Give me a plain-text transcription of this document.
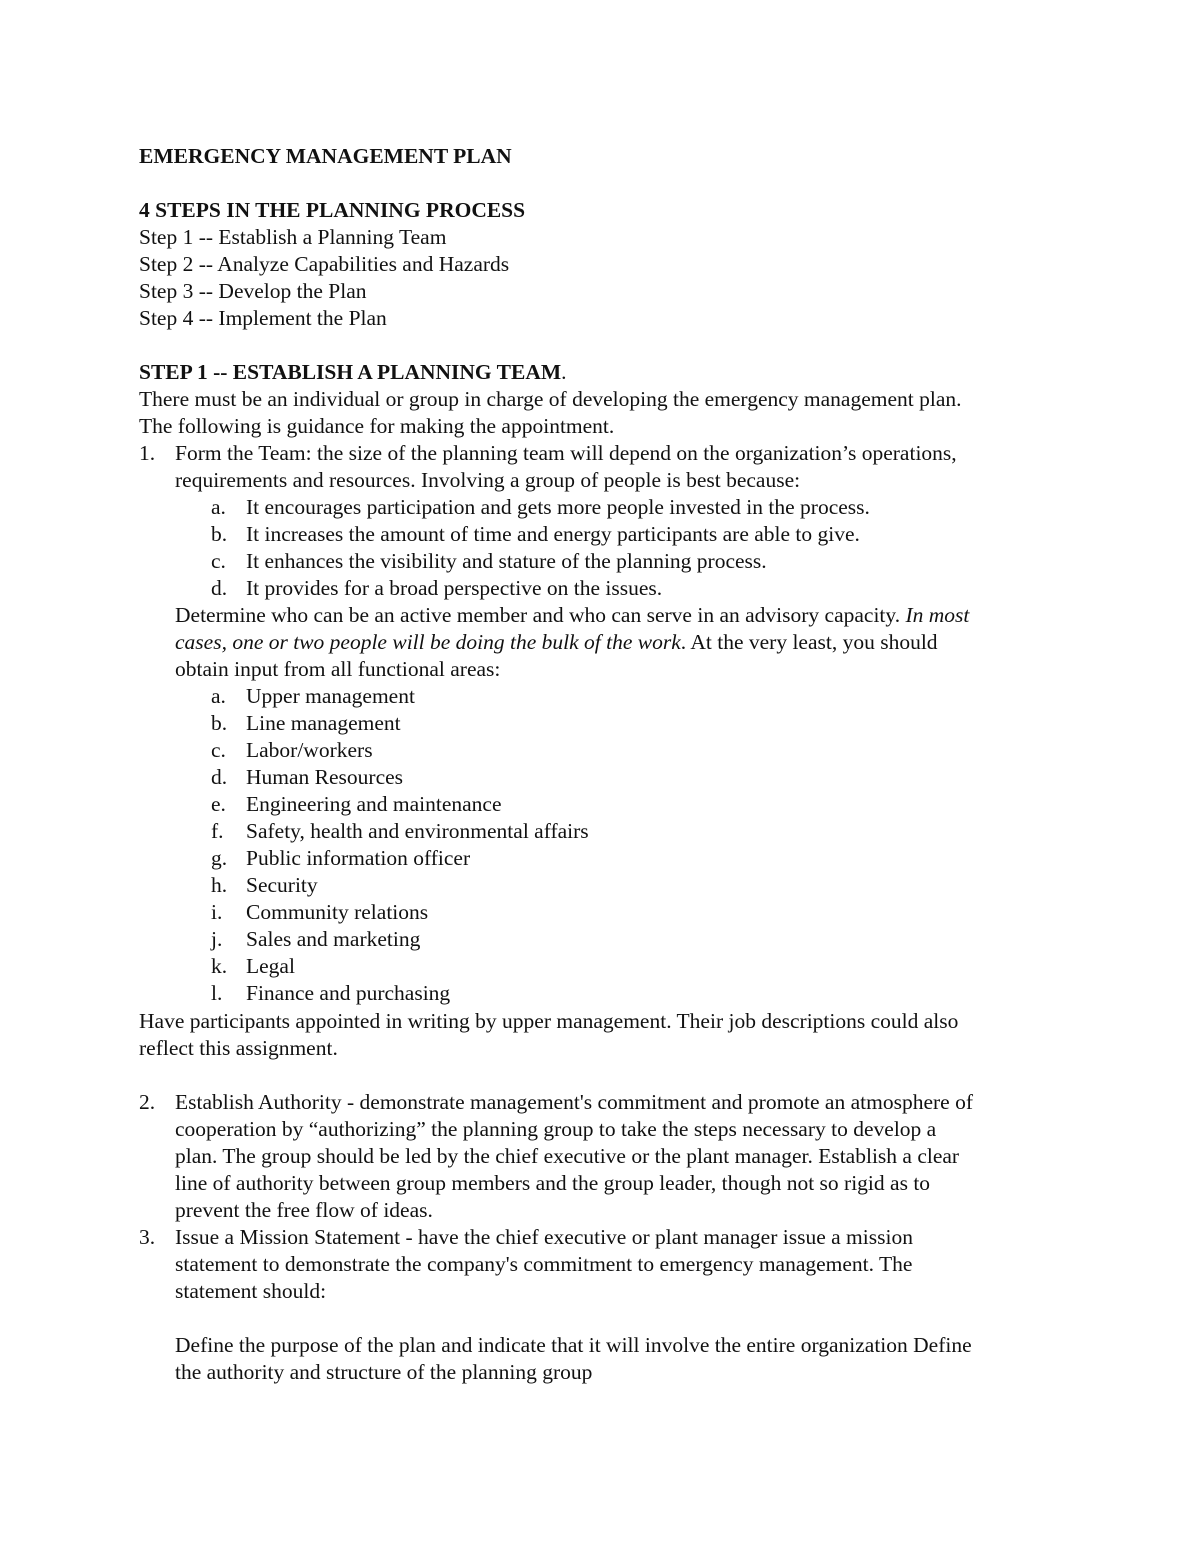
EMERGENCY MANAGEMENT PLAN
4 STEPS IN THE PLANNING PROCESS
Step 1 -- Establish a Planning Team
Step 2 -- Analyze Capabilities and Hazards
Step 3 -- Develop the Plan
Step 4 -- Implement the Plan
STEP 1 -- ESTABLISH A PLANNING TEAM.
There must be an individual or group in charge of developing the emergency management plan.
The following is guidance for making the appointment.
1. Form the Team: the size of the planning team will depend on the organization’s operations,
requirements and resources. Involving a group of people is best because:
a. It encourages participation and gets more people invested in the process.
b. It increases the amount of time and energy participants are able to give.
c. It enhances the visibility and stature of the planning process.
d. It provides for a broad perspective on the issues.
Determine who can be an active member and who can serve in an advisory capacity. In most
cases, one or two people will be doing the bulk of the work. At the very least, you should
obtain input from all functional areas:
a. Upper management
b. Line management
c. Labor/workers
d. Human Resources
e. Engineering and maintenance
f. Safety, health and environmental affairs
g. Public information officer
h. Security
i. Community relations
j. Sales and marketing
k. Legal
l. Finance and purchasing
Have participants appointed in writing by upper management. Their job descriptions could also
reflect this assignment.
2. Establish Authority - demonstrate management's commitment and promote an atmosphere of
cooperation by “authorizing” the planning group to take the steps necessary to develop a
plan. The group should be led by the chief executive or the plant manager. Establish a clear
line of authority between group members and the group leader, though not so rigid as to
prevent the free flow of ideas.
3. Issue a Mission Statement - have the chief executive or plant manager issue a mission
statement to demonstrate the company's commitment to emergency management. The
statement should:
Define the purpose of the plan and indicate that it will involve the entire organization Define
the authority and structure of the planning group
